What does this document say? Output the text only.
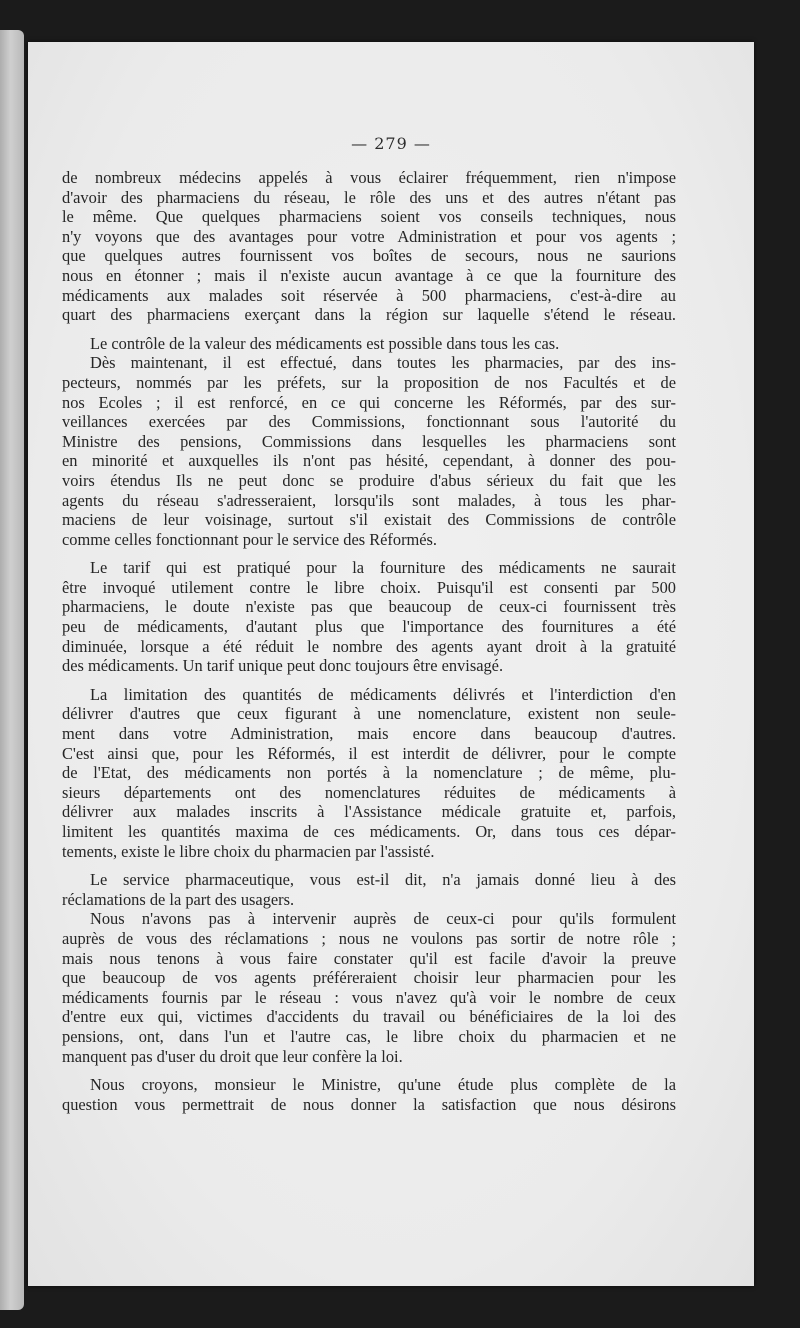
— 279 —
de nombreux médecins appelés à vous éclairer fréquemment, rien n'impose
d'avoir des pharmaciens du réseau, le rôle des uns et des autres n'étant pas
le même. Que quelques pharmaciens soient vos conseils techniques, nous
n'y voyons que des avantages pour votre Administration et pour vos agents ;
que quelques autres fournissent vos boîtes de secours, nous ne saurions
nous en étonner ; mais il n'existe aucun avantage à ce que la fourniture des
médicaments aux malades soit réservée à 500 pharmaciens, c'est-à-dire au
quart des pharmaciens exerçant dans la région sur laquelle s'étend le réseau.
Le contrôle de la valeur des médicaments est possible dans tous les cas.
Dès maintenant, il est effectué, dans toutes les pharmacies, par des ins-
pecteurs, nommés par les préfets, sur la proposition de nos Facultés et de
nos Ecoles ; il est renforcé, en ce qui concerne les Réformés, par des sur-
veillances exercées par des Commissions, fonctionnant sous l'autorité du
Ministre des pensions, Commissions dans lesquelles les pharmaciens sont
en minorité et auxquelles ils n'ont pas hésité, cependant, à donner des pou-
voirs étendus Ils ne peut donc se produire d'abus sérieux du fait que les
agents du réseau s'adresseraient, lorsqu'ils sont malades, à tous les phar-
maciens de leur voisinage, surtout s'il existait des Commissions de contrôle
comme celles fonctionnant pour le service des Réformés.
Le tarif qui est pratiqué pour la fourniture des médicaments ne saurait
être invoqué utilement contre le libre choix. Puisqu'il est consenti par 500
pharmaciens, le doute n'existe pas que beaucoup de ceux-ci fournissent très
peu de médicaments, d'autant plus que l'importance des fournitures a été
diminuée, lorsque a été réduit le nombre des agents ayant droit à la gratuité
des médicaments. Un tarif unique peut donc toujours être envisagé.
La limitation des quantités de médicaments délivrés et l'interdiction d'en
délivrer d'autres que ceux figurant à une nomenclature, existent non seule-
ment dans votre Administration, mais encore dans beaucoup d'autres.
C'est ainsi que, pour les Réformés, il est interdit de délivrer, pour le compte
de l'Etat, des médicaments non portés à la nomenclature ; de même, plu-
sieurs départements ont des nomenclatures réduites de médicaments à
délivrer aux malades inscrits à l'Assistance médicale gratuite et, parfois,
limitent les quantités maxima de ces médicaments. Or, dans tous ces dépar-
tements, existe le libre choix du pharmacien par l'assisté.
Le service pharmaceutique, vous est-il dit, n'a jamais donné lieu à des
réclamations de la part des usagers.
Nous n'avons pas à intervenir auprès de ceux-ci pour qu'ils formulent
auprès de vous des réclamations ; nous ne voulons pas sortir de notre rôle ;
mais nous tenons à vous faire constater qu'il est facile d'avoir la preuve
que beaucoup de vos agents préféreraient choisir leur pharmacien pour les
médicaments fournis par le réseau : vous n'avez qu'à voir le nombre de ceux
d'entre eux qui, victimes d'accidents du travail ou bénéficiaires de la loi des
pensions, ont, dans l'un et l'autre cas, le libre choix du pharmacien et ne
manquent pas d'user du droit que leur confère la loi.
Nous croyons, monsieur le Ministre, qu'une étude plus complète de la
question vous permettrait de nous donner la satisfaction que nous désirons
